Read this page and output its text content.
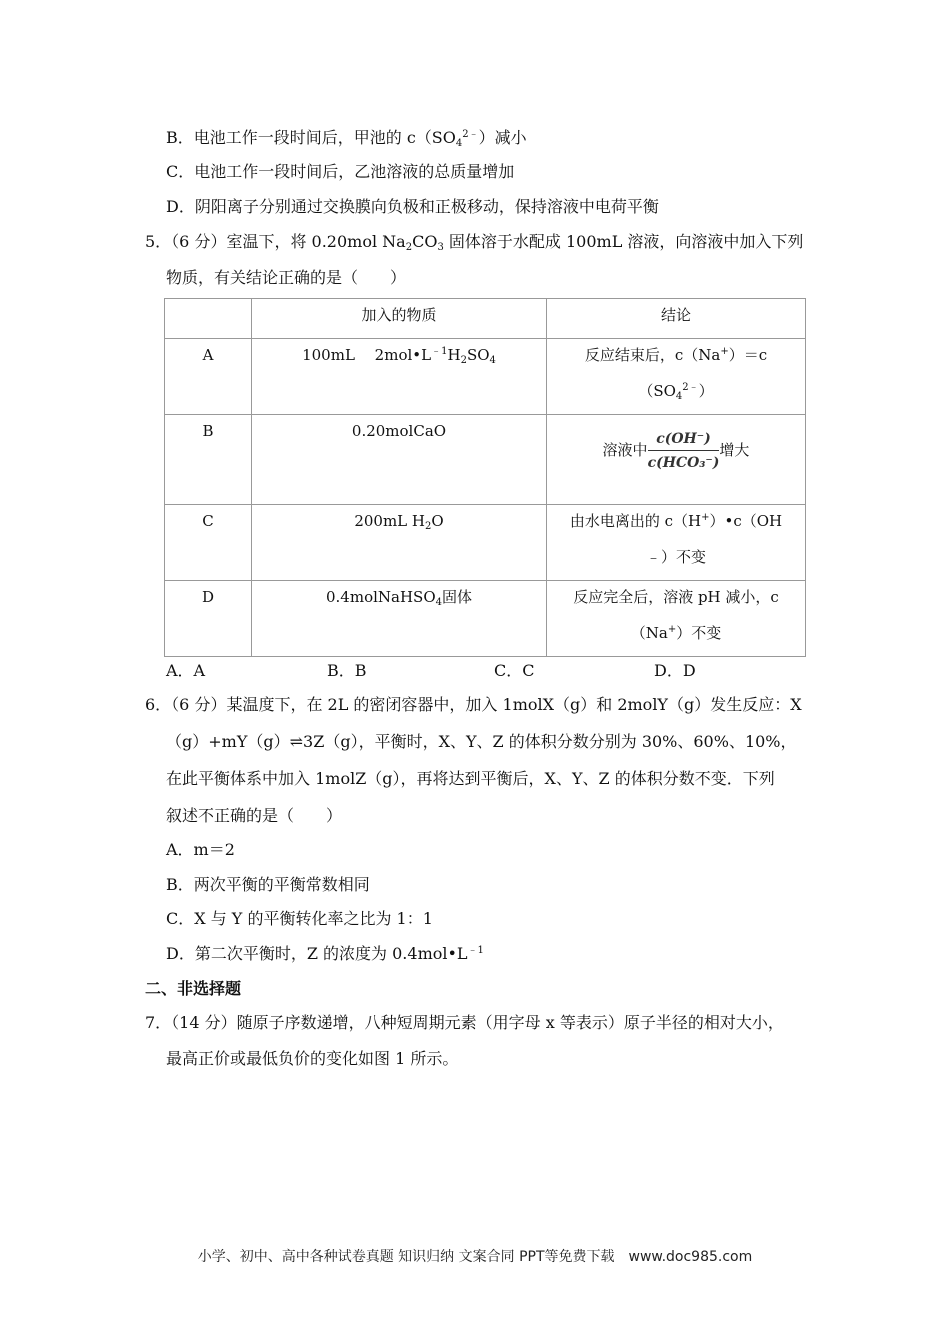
B．电池工作一段时间后，甲池的 $c(SO_4^{2﹣})$减小
C．电池工作一段时间后，乙池溶液的总质量增加
D．阴阳离子分别通过交换膜向负极和正极移动，保持溶液中电荷平衡
5．（6 分）室温下，将 0.20mol $Na_2CO_3$ 固体溶于水配成 100mL 溶液，向溶液中加入下列
物质，有关结论正确的是（　　）

	加入的物质	结论

A	100mL　 $2mol•L^{﹣1}H_2SO_4$	反应结束后，c（Na+）＝c
$(SO_4^{2﹣})$

B	0.20molCaO	溶液中 $\frac{c(OH^-)}{\text{c(HCO₃⁻)}}$ 增大

C	200mL $H_2O$	由水电离出的 c（H+）•c（OH
﹣）不变

D	0.4molNaHSO$_4$固体	反应完全后，溶液 pH 减小，c
（Na+）不变
A．A	B．B	C．C	D．D
6．（6 分）某温度下，在 2L 的密闭容器中，加入 1molX（g）和 2molY（g）发生反应：X
（g）+mY（g）⇌3Z（g），平衡时，X、Y、Z 的体积分数分别为 30%、60%、10%，
在此平衡体系中加入 1molZ（g），再将达到平衡后，X、Y、Z 的体积分数不变．下列
叙述不正确的是（　　）
A．m＝2
B．两次平衡的平衡常数相同
C．X 与 Y 的平衡转化率之比为 1：1
D．第二次平衡时，Z 的浓度为 $0.4mol•L^{﹣1}$
二、非选择题
7．（14 分）随原子序数递增，八种短周期元素（用字母 x 等表示）原子半径的相对大小，
最高正价或最低负价的变化如图 1 所示。
小学、初中、高中各种试卷真题 知识归纳 文案合同 PPT等免费下载　www.doc985.com
